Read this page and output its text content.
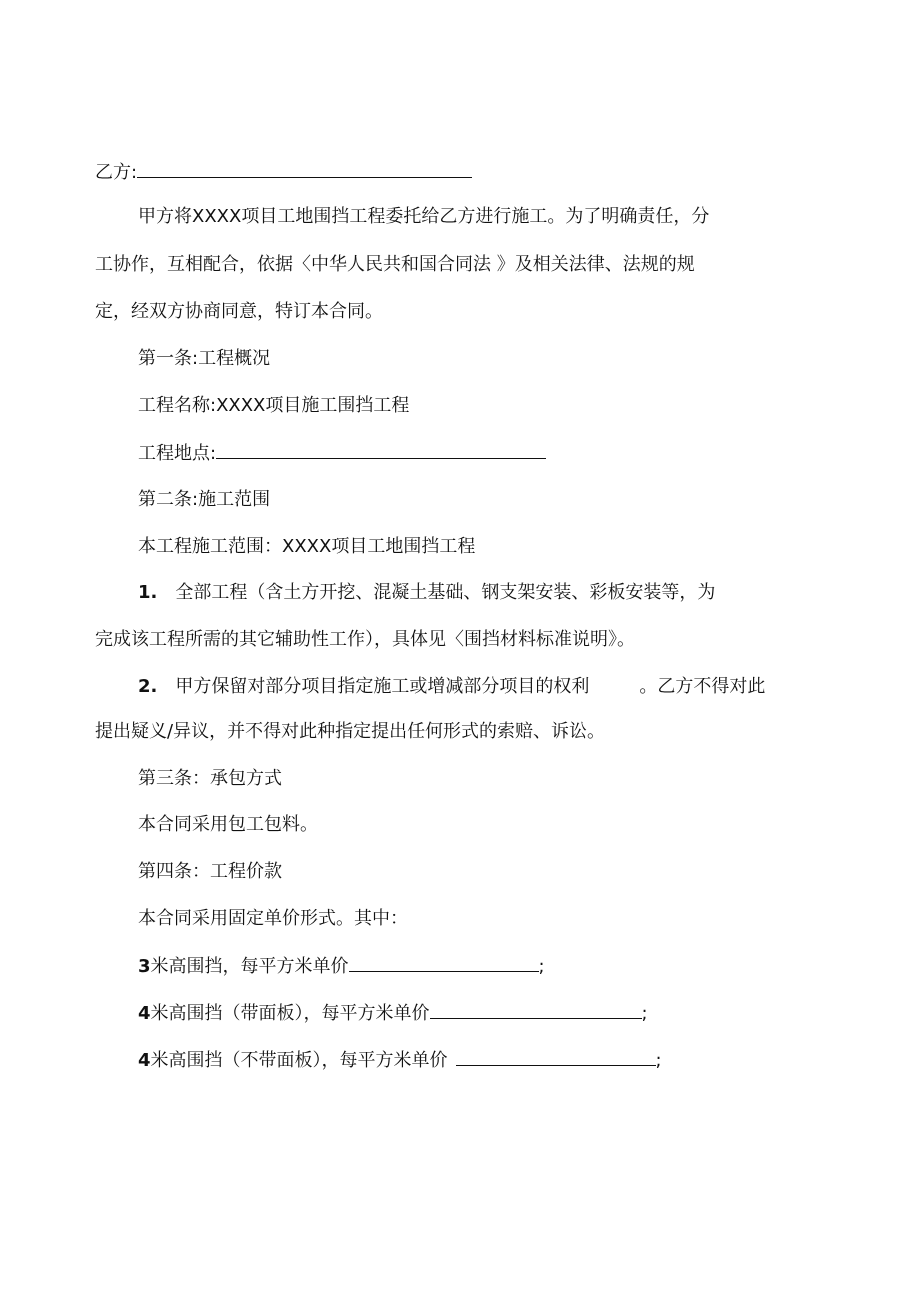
乙方:
甲方将XXXX项目工地围挡工程委托给乙方进行施工。为了明确责任，分
工协作，互相配合，依据〈中华人民共和国合同法 》及相关法律、法规的规
定，经双方协商同意，特订本合同。
第一条:工程概况
工程名称:XXXX项目施工围挡工程
工程地点:
第二条:施工范围
本工程施工范围：XXXX项目工地围挡工程
1. 全部工程（含土方开挖、混凝土基础、钢支架安装、彩板安装等，为
完成该工程所需的其它辅助性工作），具体见〈围挡材料标准说明》。
2. 甲方保留对部分项目指定施工或增减部分项目的权利	。乙方不得对此
提出疑义/异议，并不得对此种指定提出任何形式的索赔、诉讼。
第三条：承包方式
本合同采用包工包料。
第四条：工程价款
本合同采用固定单价形式。其中：
3米高围挡，每平方米单价	;
4米高围挡（带面板），每平方米单价	;
4米高围挡（不带面板），每平方米单价	;
